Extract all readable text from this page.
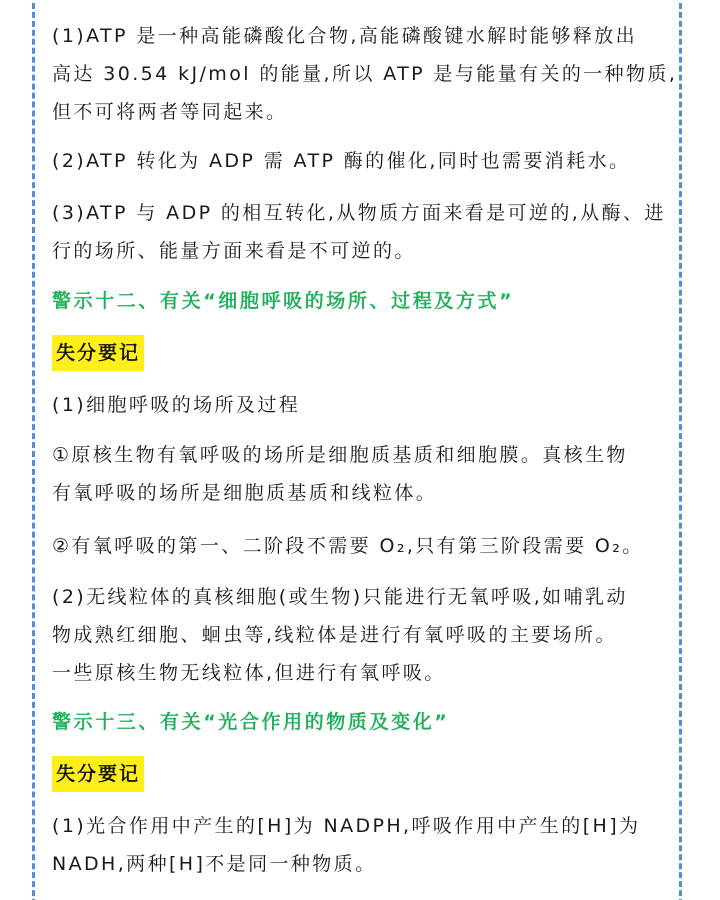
(1)ATP 是一种高能磷酸化合物,高能磷酸键水解时能够释放出
高达 30.54 kJ/mol 的能量,所以 ATP 是与能量有关的一种物质,
但不可将两者等同起来。
(2)ATP 转化为 ADP 需 ATP 酶的催化,同时也需要消耗水。
(3)ATP 与 ADP 的相互转化,从物质方面来看是可逆的,从酶、进
行的场所、能量方面来看是不可逆的。
警示十二、有关“细胞呼吸的场所、过程及方式”
失分要记
(1)细胞呼吸的场所及过程
①原核生物有氧呼吸的场所是细胞质基质和细胞膜。真核生物
有氧呼吸的场所是细胞质基质和线粒体。
②有氧呼吸的第一、二阶段不需要 O₂,只有第三阶段需要 O₂。
(2)无线粒体的真核细胞(或生物)只能进行无氧呼吸,如哺乳动
物成熟红细胞、蛔虫等,线粒体是进行有氧呼吸的主要场所。
一些原核生物无线粒体,但进行有氧呼吸。
警示十三、有关“光合作用的物质及变化”
失分要记
(1)光合作用中产生的[H]为 NADPH,呼吸作用中产生的[H]为
NADH,两种[H]不是同一种物质。
